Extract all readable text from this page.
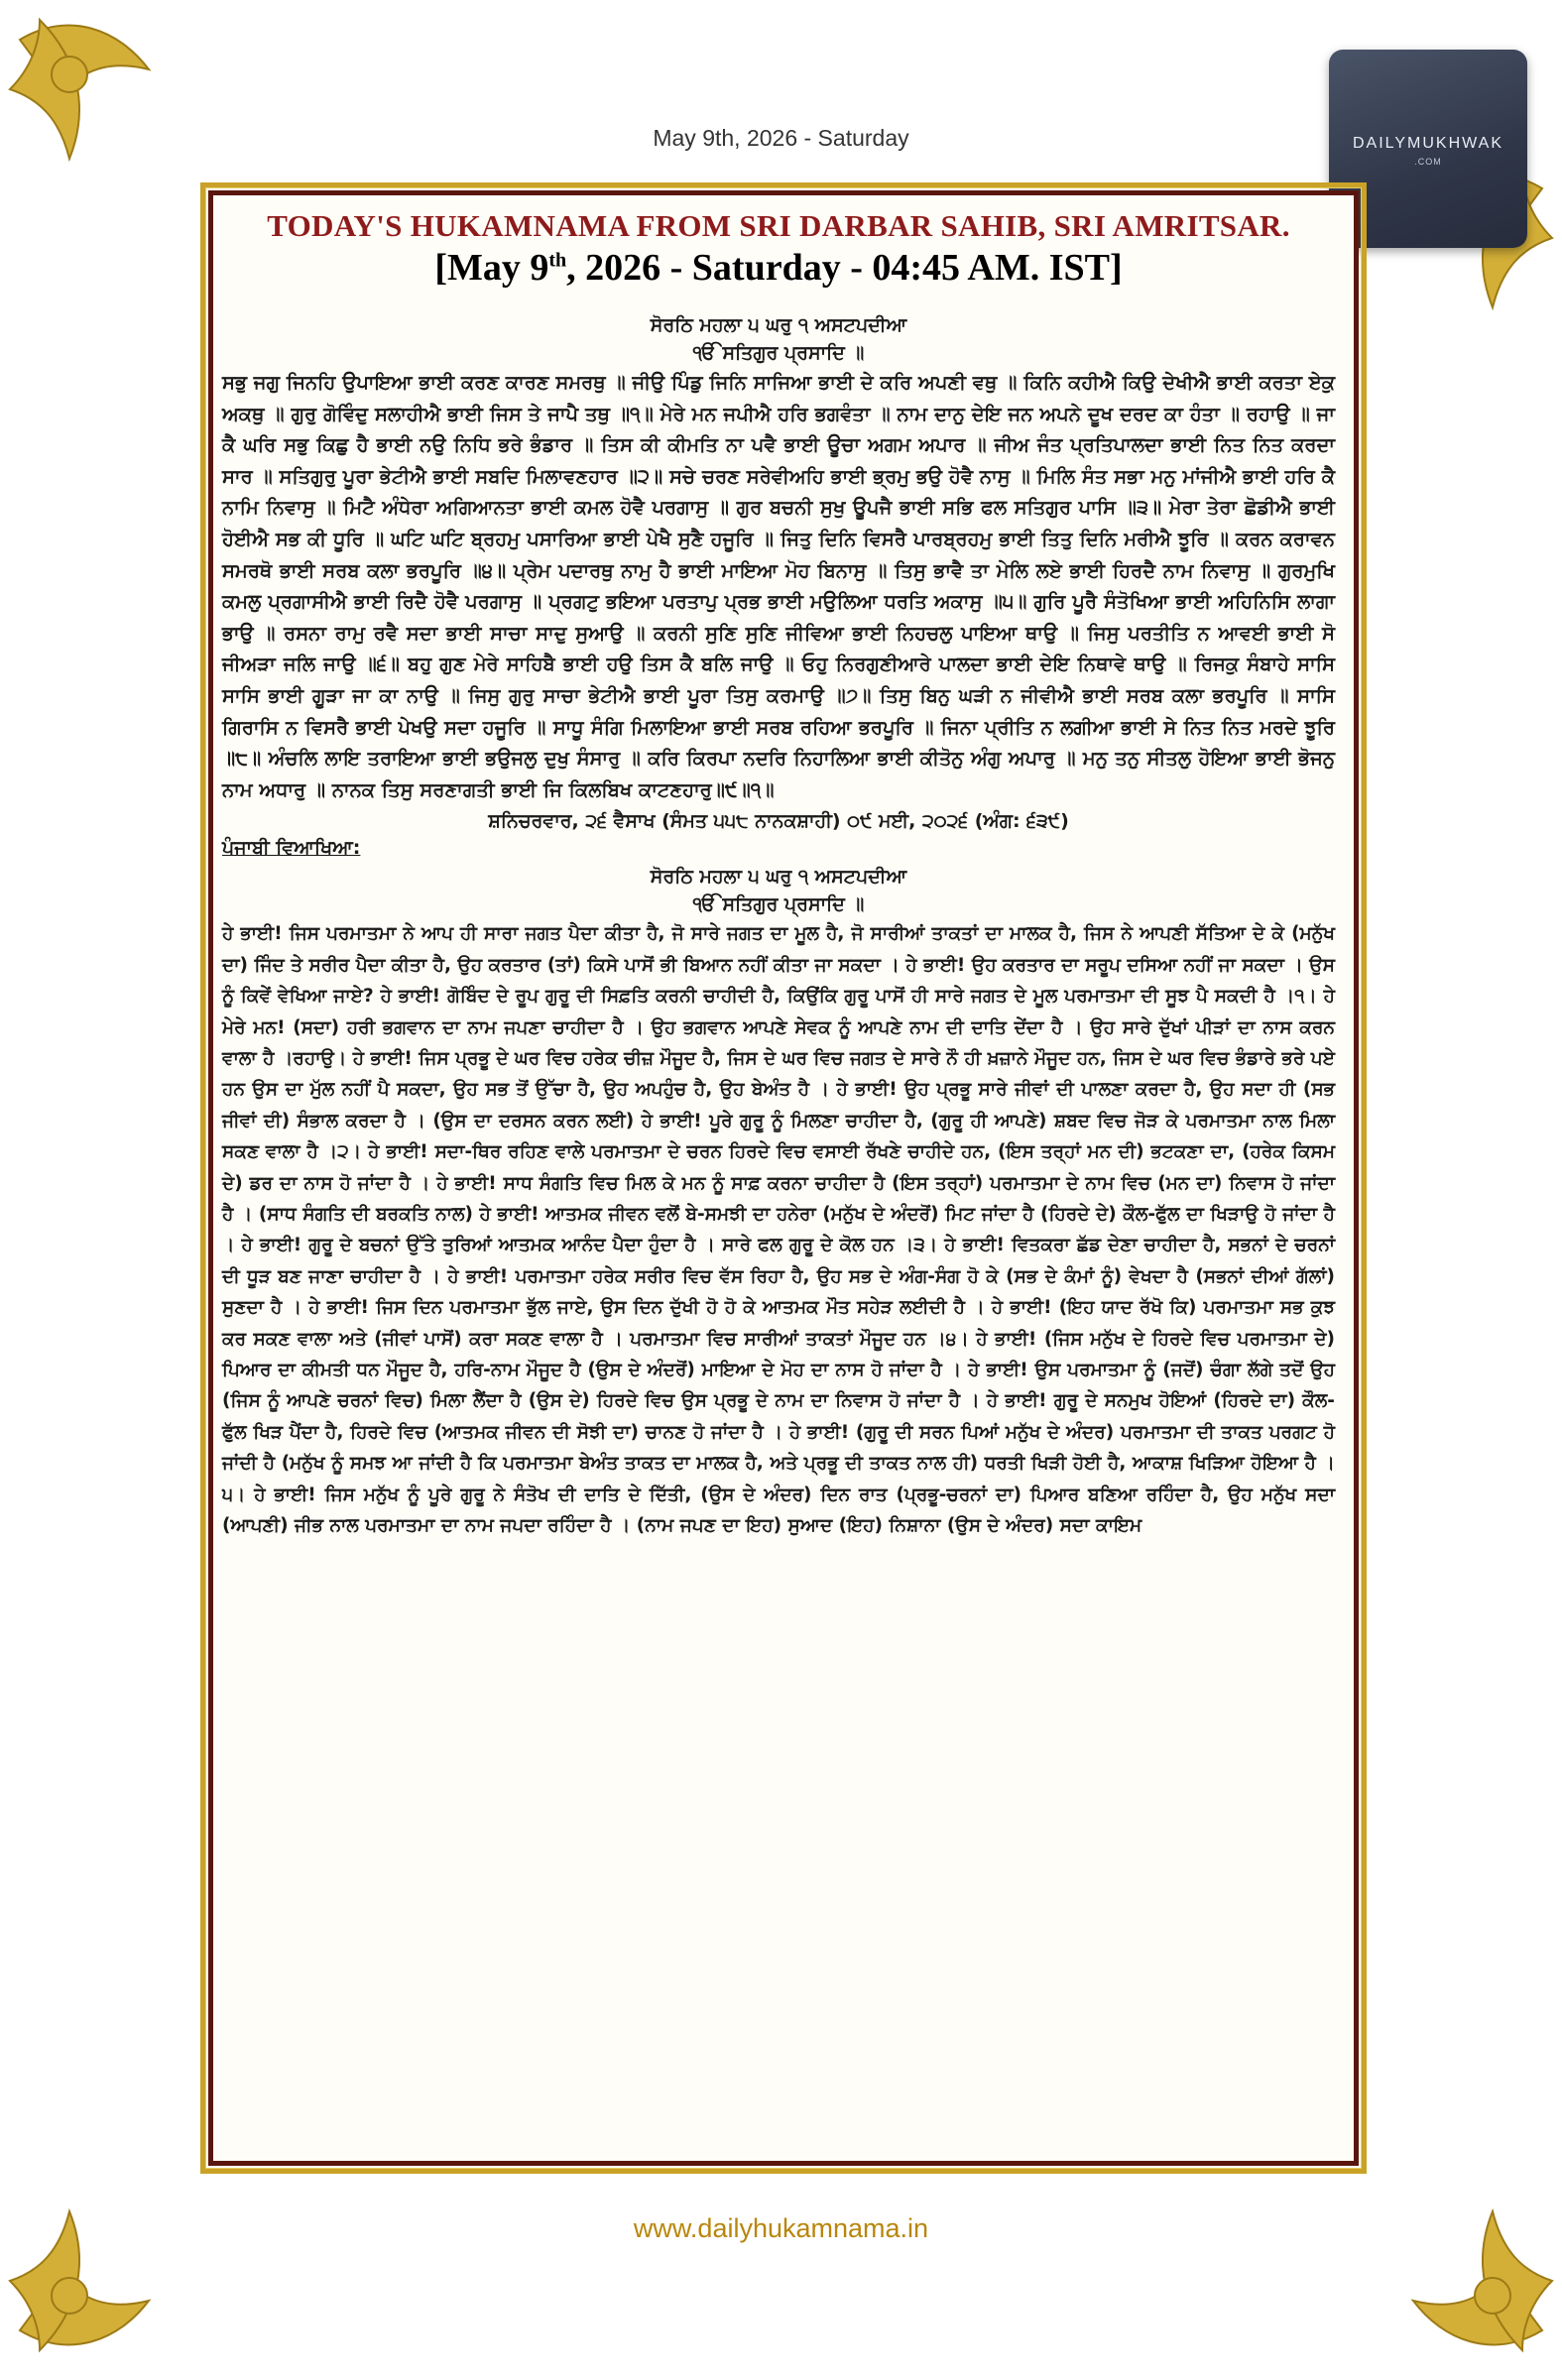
May 9th, 2026 - Saturday	DAILYMUKHWAK
.COM
TODAY'S HUKAMNAMA FROM SRI DARBAR SAHIB, SRI AMRITSAR.
[May 9th, 2026 - Saturday - 04:45 AM. IST]
ਸੋਰਠਿ ਮਹਲਾ ੫ ਘਰੁ ੧ ਅਸਟਪਦੀਆ
ੴ ਸਤਿਗੁਰ ਪ੍ਰਸਾਦਿ ॥

ਸਭੁ ਜਗੁ ਜਿਨਹਿ ਉਪਾਇਆ ਭਾਈ ਕਰਣ ਕਾਰਣ ਸਮਰਥੁ ॥ ਜੀਉ ਪਿੰਡੁ ਜਿਨਿ ਸਾਜਿਆ ਭਾਈ ਦੇ ਕਰਿ ਅਪਣੀ ਵਥੁ ॥ ਕਿਨਿ ਕਹੀਐ ਕਿਉ ਦੇਖੀਐ ਭਾਈ ਕਰਤਾ ਏਕੁ ਅਕਥੁ ॥ ਗੁਰੁ ਗੋਵਿੰਦੁ ਸਲਾਹੀਐ ਭਾਈ ਜਿਸ ਤੇ ਜਾਪੈ ਤਥੁ ॥੧॥ ਮੇਰੇ ਮਨ ਜਪੀਐ ਹਰਿ ਭਗਵੰਤਾ ॥ ਨਾਮ ਦਾਨੁ ਦੇਇ ਜਨ ਅਪਨੇ ਦੂਖ ਦਰਦ ਕਾ ਹੰਤਾ ॥ ਰਹਾਉ ॥ ਜਾ ਕੈ ਘਰਿ ਸਭੁ ਕਿਛੁ ਹੈ ਭਾਈ ਨਉ ਨਿਧਿ ਭਰੇ ਭੰਡਾਰ ॥ ਤਿਸ ਕੀ ਕੀਮਤਿ ਨਾ ਪਵੈ ਭਾਈ ਊਚਾ ਅਗਮ ਅਪਾਰ ॥ ਜੀਅ ਜੰਤ ਪ੍ਰਤਿਪਾਲਦਾ ਭਾਈ ਨਿਤ ਨਿਤ ਕਰਦਾ ਸਾਰ ॥ ਸਤਿਗੁਰੁ ਪੂਰਾ ਭੇਟੀਐ ਭਾਈ ਸਬਦਿ ਮਿਲਾਵਣਹਾਰ ॥੨॥ ਸਚੇ ਚਰਣ ਸਰੇਵੀਅਹਿ ਭਾਈ ਭ੍ਰਮੁ ਭਉ ਹੋਵੈ ਨਾਸੁ ॥ ਮਿਲਿ ਸੰਤ ਸਭਾ ਮਨੁ ਮਾਂਜੀਐ ਭਾਈ ਹਰਿ ਕੈ ਨਾਮਿ ਨਿਵਾਸੁ ॥ ਮਿਟੈ ਅੰਧੇਰਾ ਅਗਿਆਨਤਾ ਭਾਈ ਕਮਲ ਹੋਵੈ ਪਰਗਾਸੁ ॥ ਗੁਰ ਬਚਨੀ ਸੁਖੁ ਊਪਜੈ ਭਾਈ ਸਭਿ ਫਲ ਸਤਿਗੁਰ ਪਾਸਿ ॥੩॥ ਮੇਰਾ ਤੇਰਾ ਛੋਡੀਐ ਭਾਈ ਹੋਈਐ ਸਭ ਕੀ ਧੂਰਿ ॥ ਘਟਿ ਘਟਿ ਬ੍ਰਹਮੁ ਪਸਾਰਿਆ ਭਾਈ ਪੇਖੈ ਸੁਣੈ ਹਜੂਰਿ ॥ ਜਿਤੁ ਦਿਨਿ ਵਿਸਰੈ ਪਾਰਬ੍ਰਹਮੁ ਭਾਈ ਤਿਤੁ ਦਿਨਿ ਮਰੀਐ ਝੂਰਿ ॥ ਕਰਨ ਕਰਾਵਨ ਸਮਰਥੋ ਭਾਈ ਸਰਬ ਕਲਾ ਭਰਪੂਰਿ ॥੪॥ ਪ੍ਰੇਮ ਪਦਾਰਥੁ ਨਾਮੁ ਹੈ ਭਾਈ ਮਾਇਆ ਮੋਹ ਬਿਨਾਸੁ ॥ ਤਿਸੁ ਭਾਵੈ ਤਾ ਮੇਲਿ ਲਏ ਭਾਈ ਹਿਰਦੈ ਨਾਮ ਨਿਵਾਸੁ ॥ ਗੁਰਮੁਖਿ ਕਮਲੁ ਪ੍ਰਗਾਸੀਐ ਭਾਈ ਰਿਦੈ ਹੋਵੈ ਪਰਗਾਸੁ ॥ ਪ੍ਰਗਟੁ ਭਇਆ ਪਰਤਾਪੁ ਪ੍ਰਭ ਭਾਈ ਮਉਲਿਆ ਧਰਤਿ ਅਕਾਸੁ ॥੫॥ ਗੁਰਿ ਪੂਰੈ ਸੰਤੋਖਿਆ ਭਾਈ ਅਹਿਨਿਸਿ ਲਾਗਾ ਭਾਉ ॥ ਰਸਨਾ ਰਾਮੁ ਰਵੈ ਸਦਾ ਭਾਈ ਸਾਚਾ ਸਾਦੁ ਸੁਆਉ ॥ ਕਰਨੀ ਸੁਣਿ ਸੁਣਿ ਜੀਵਿਆ ਭਾਈ ਨਿਹਚਲੁ ਪਾਇਆ ਥਾਉ ॥ ਜਿਸੁ ਪਰਤੀਤਿ ਨ ਆਵਈ ਭਾਈ ਸੋ ਜੀਅੜਾ ਜਲਿ ਜਾਉ ॥੬॥ ਬਹੁ ਗੁਣ ਮੇਰੇ ਸਾਹਿਬੈ ਭਾਈ ਹਉ ਤਿਸ ਕੈ ਬਲਿ ਜਾਉ ॥ ਓਹੁ ਨਿਰਗੁਣੀਆਰੇ ਪਾਲਦਾ ਭਾਈ ਦੇਇ ਨਿਥਾਵੇ ਥਾਉ ॥ ਰਿਜਕੁ ਸੰਬਾਹੇ ਸਾਸਿ ਸਾਸਿ ਭਾਈ ਗੂੜਾ ਜਾ ਕਾ ਨਾਉ ॥ ਜਿਸੁ ਗੁਰੁ ਸਾਚਾ ਭੇਟੀਐ ਭਾਈ ਪੂਰਾ ਤਿਸੁ ਕਰਮਾਉ ॥੭॥ ਤਿਸੁ ਬਿਨੁ ਘੜੀ ਨ ਜੀਵੀਐ ਭਾਈ ਸਰਬ ਕਲਾ ਭਰਪੂਰਿ ॥ ਸਾਸਿ ਗਿਰਾਸਿ ਨ ਵਿਸਰੈ ਭਾਈ ਪੇਖਉ ਸਦਾ ਹਜੂਰਿ ॥ ਸਾਧੂ ਸੰਗਿ ਮਿਲਾਇਆ ਭਾਈ ਸਰਬ ਰਹਿਆ ਭਰਪੂਰਿ ॥ ਜਿਨਾ ਪ੍ਰੀਤਿ ਨ ਲਗੀਆ ਭਾਈ ਸੇ ਨਿਤ ਨਿਤ ਮਰਦੇ ਝੂਰਿ ॥੮॥ ਅੰਚਲਿ ਲਾਇ ਤਰਾਇਆ ਭਾਈ ਭਉਜਲੁ ਦੁਖੁ ਸੰਸਾਰੁ ॥ ਕਰਿ ਕਿਰਪਾ ਨਦਰਿ ਨਿਹਾਲਿਆ ਭਾਈ ਕੀਤੋਨੁ ਅੰਗੁ ਅਪਾਰੁ ॥ ਮਨੁ ਤਨੁ ਸੀਤਲੁ ਹੋਇਆ ਭਾਈ ਭੋਜਨੁ ਨਾਮ ਅਧਾਰੁ ॥ ਨਾਨਕ ਤਿਸੁ ਸਰਣਾਗਤੀ ਭਾਈ ਜਿ ਕਿਲਬਿਖ ਕਾਟਣਹਾਰੁ॥੯॥੧॥

ਸ਼ਨਿਚਰਵਾਰ, ੨੬ ਵੈਸਾਖ (ਸੰਮਤ ੫੫੮ ਨਾਨਕਸ਼ਾਹੀ) ੦੯ ਮਈ, ੨੦੨੬ (ਅੰਗ: ੬੩੯)
ਪੰਜਾਬੀ ਵਿਆਖਿਆ:
ਸੋਰਠਿ ਮਹਲਾ ੫ ਘਰੁ ੧ ਅਸਟਪਦੀਆ
ੴ ਸਤਿਗੁਰ ਪ੍ਰਸਾਦਿ ॥

ਹੇ ਭਾਈ! ਜਿਸ ਪਰਮਾਤਮਾ ਨੇ ਆਪ ਹੀ ਸਾਰਾ ਜਗਤ ਪੈਦਾ ਕੀਤਾ ਹੈ, ਜੋ ਸਾਰੇ ਜਗਤ ਦਾ ਮੂਲ ਹੈ, ਜੋ ਸਾਰੀਆਂ ਤਾਕਤਾਂ ਦਾ ਮਾਲਕ ਹੈ, ਜਿਸ ਨੇ ਆਪਣੀ ਸੱਤਿਆ ਦੇ ਕੇ (ਮਨੁੱਖ ਦਾ) ਜਿੰਦ ਤੇ ਸਰੀਰ ਪੈਦਾ ਕੀਤਾ ਹੈ, ਉਹ ਕਰਤਾਰ (ਤਾਂ) ਕਿਸੇ ਪਾਸੋਂ ਭੀ ਬਿਆਨ ਨਹੀਂ ਕੀਤਾ ਜਾ ਸਕਦਾ । ਹੇ ਭਾਈ! ਉਹ ਕਰਤਾਰ ਦਾ ਸਰੂਪ ਦਸਿਆ ਨਹੀਂ ਜਾ ਸਕਦਾ । ਉਸ ਨੂੰ ਕਿਵੇਂ ਵੇਖਿਆ ਜਾਏ? ਹੇ ਭਾਈ! ਗੋਬਿੰਦ ਦੇ ਰੂਪ ਗੁਰੂ ਦੀ ਸਿਫ਼ਤਿ ਕਰਨੀ ਚਾਹੀਦੀ ਹੈ, ਕਿਉਂਕਿ ਗੁਰੂ ਪਾਸੋਂ ਹੀ ਸਾਰੇ ਜਗਤ ਦੇ ਮੂਲ ਪਰਮਾਤਮਾ ਦੀ ਸੂਝ ਪੈ ਸਕਦੀ ਹੈ ।੧। ਹੇ ਮੇਰੇ ਮਨ! (ਸਦਾ) ਹਰੀ ਭਗਵਾਨ ਦਾ ਨਾਮ ਜਪਣਾ ਚਾਹੀਦਾ ਹੈ । ਉਹ ਭਗਵਾਨ ਆਪਣੇ ਸੇਵਕ ਨੂੰ ਆਪਣੇ ਨਾਮ ਦੀ ਦਾਤਿ ਦੇਂਦਾ ਹੈ । ਉਹ ਸਾਰੇ ਦੁੱਖਾਂ ਪੀੜਾਂ ਦਾ ਨਾਸ ਕਰਨ ਵਾਲਾ ਹੈ ।ਰਹਾਉ। ਹੇ ਭਾਈ! ਜਿਸ ਪ੍ਰਭੂ ਦੇ ਘਰ ਵਿਚ ਹਰੇਕ ਚੀਜ਼ ਮੌਜੂਦ ਹੈ, ਜਿਸ ਦੇ ਘਰ ਵਿਚ ਜਗਤ ਦੇ ਸਾਰੇ ਨੌ ਹੀ ਖ਼ਜ਼ਾਨੇ ਮੌਜੂਦ ਹਨ, ਜਿਸ ਦੇ ਘਰ ਵਿਚ ਭੰਡਾਰੇ ਭਰੇ ਪਏ ਹਨ ਉਸ ਦਾ ਮੁੱਲ ਨਹੀਂ ਪੈ ਸਕਦਾ, ਉਹ ਸਭ ਤੋਂ ਉੱਚਾ ਹੈ, ਉਹ ਅਪਹੁੰਚ ਹੈ, ਉਹ ਬੇਅੰਤ ਹੈ । ਹੇ ਭਾਈ! ਉਹ ਪ੍ਰਭੂ ਸਾਰੇ ਜੀਵਾਂ ਦੀ ਪਾਲਣਾ ਕਰਦਾ ਹੈ, ਉਹ ਸਦਾ ਹੀ (ਸਭ ਜੀਵਾਂ ਦੀ) ਸੰਭਾਲ ਕਰਦਾ ਹੈ । (ਉਸ ਦਾ ਦਰਸਨ ਕਰਨ ਲਈ) ਹੇ ਭਾਈ! ਪੂਰੇ ਗੁਰੂ ਨੂੰ ਮਿਲਣਾ ਚਾਹੀਦਾ ਹੈ, (ਗੁਰੂ ਹੀ ਆਪਣੇ) ਸ਼ਬਦ ਵਿਚ ਜੋੜ ਕੇ ਪਰਮਾਤਮਾ ਨਾਲ ਮਿਲਾ ਸਕਣ ਵਾਲਾ ਹੈ ।੨। ਹੇ ਭਾਈ! ਸਦਾ-ਥਿਰ ਰਹਿਣ ਵਾਲੇ ਪਰਮਾਤਮਾ ਦੇ ਚਰਨ ਹਿਰਦੇ ਵਿਚ ਵਸਾਈ ਰੱਖਣੇ ਚਾਹੀਦੇ ਹਨ, (ਇਸ ਤਰ੍ਹਾਂ ਮਨ ਦੀ) ਭਟਕਣਾ ਦਾ, (ਹਰੇਕ ਕਿਸਮ ਦੇ) ਡਰ ਦਾ ਨਾਸ ਹੋ ਜਾਂਦਾ ਹੈ । ਹੇ ਭਾਈ! ਸਾਧ ਸੰਗਤਿ ਵਿਚ ਮਿਲ ਕੇ ਮਨ ਨੂੰ ਸਾਫ਼ ਕਰਨਾ ਚਾਹੀਦਾ ਹੈ (ਇਸ ਤਰ੍ਹਾਂ) ਪਰਮਾਤਮਾ ਦੇ ਨਾਮ ਵਿਚ (ਮਨ ਦਾ) ਨਿਵਾਸ ਹੋ ਜਾਂਦਾ ਹੈ । (ਸਾਧ ਸੰਗਤਿ ਦੀ ਬਰਕਤਿ ਨਾਲ) ਹੇ ਭਾਈ! ਆਤਮਕ ਜੀਵਨ ਵਲੋਂ ਬੇ-ਸਮਝੀ ਦਾ ਹਨੇਰਾ (ਮਨੁੱਖ ਦੇ ਅੰਦਰੋਂ) ਮਿਟ ਜਾਂਦਾ ਹੈ (ਹਿਰਦੇ ਦੇ) ਕੌਲ-ਫੁੱਲ ਦਾ ਖਿੜਾਉ ਹੋ ਜਾਂਦਾ ਹੈ । ਹੇ ਭਾਈ! ਗੁਰੂ ਦੇ ਬਚਨਾਂ ਉੱਤੇ ਤੁਰਿਆਂ ਆਤਮਕ ਆਨੰਦ ਪੈਦਾ ਹੁੰਦਾ ਹੈ । ਸਾਰੇ ਫਲ ਗੁਰੂ ਦੇ ਕੋਲ ਹਨ ।੩। ਹੇ ਭਾਈ! ਵਿਤਕਰਾ ਛੱਡ ਦੇਣਾ ਚਾਹੀਦਾ ਹੈ, ਸਭਨਾਂ ਦੇ ਚਰਨਾਂ ਦੀ ਧੂੜ ਬਣ ਜਾਣਾ ਚਾਹੀਦਾ ਹੈ । ਹੇ ਭਾਈ! ਪਰਮਾਤਮਾ ਹਰੇਕ ਸਰੀਰ ਵਿਚ ਵੱਸ ਰਿਹਾ ਹੈ, ਉਹ ਸਭ ਦੇ ਅੰਗ-ਸੰਗ ਹੋ ਕੇ (ਸਭ ਦੇ ਕੰਮਾਂ ਨੂੰ) ਵੇਖਦਾ ਹੈ (ਸਭਨਾਂ ਦੀਆਂ ਗੱਲਾਂ) ਸੁਣਦਾ ਹੈ । ਹੇ ਭਾਈ! ਜਿਸ ਦਿਨ ਪਰਮਾਤਮਾ ਭੁੱਲ ਜਾਏ, ਉਸ ਦਿਨ ਦੁੱਖੀ ਹੋ ਹੋ ਕੇ ਆਤਮਕ ਮੌਤ ਸਹੇੜ ਲਈਦੀ ਹੈ । ਹੇ ਭਾਈ! (ਇਹ ਯਾਦ ਰੱਖੋ ਕਿ) ਪਰਮਾਤਮਾ ਸਭ ਕੁਝ ਕਰ ਸਕਣ ਵਾਲਾ ਅਤੇ (ਜੀਵਾਂ ਪਾਸੋਂ) ਕਰਾ ਸਕਣ ਵਾਲਾ ਹੈ । ਪਰਮਾਤਮਾ ਵਿਚ ਸਾਰੀਆਂ ਤਾਕਤਾਂ ਮੌਜੂਦ ਹਨ ।੪। ਹੇ ਭਾਈ! (ਜਿਸ ਮਨੁੱਖ ਦੇ ਹਿਰਦੇ ਵਿਚ ਪਰਮਾਤਮਾ ਦੇ) ਪਿਆਰ ਦਾ ਕੀਮਤੀ ਧਨ ਮੌਜੂਦ ਹੈ, ਹਰਿ-ਨਾਮ ਮੌਜੂਦ ਹੈ (ਉਸ ਦੇ ਅੰਦਰੋਂ) ਮਾਇਆ ਦੇ ਮੋਹ ਦਾ ਨਾਸ ਹੋ ਜਾਂਦਾ ਹੈ । ਹੇ ਭਾਈ! ਉਸ ਪਰਮਾਤਮਾ ਨੂੰ (ਜਦੋਂ) ਚੰਗਾ ਲੱਗੇ ਤਦੋਂ ਉਹ (ਜਿਸ ਨੂੰ ਆਪਣੇ ਚਰਨਾਂ ਵਿਚ) ਮਿਲਾ ਲੈਂਦਾ ਹੈ (ਉਸ ਦੇ) ਹਿਰਦੇ ਵਿਚ ਉਸ ਪ੍ਰਭੂ ਦੇ ਨਾਮ ਦਾ ਨਿਵਾਸ ਹੋ ਜਾਂਦਾ ਹੈ । ਹੇ ਭਾਈ! ਗੁਰੂ ਦੇ ਸਨਮੁਖ ਹੋਇਆਂ (ਹਿਰਦੇ ਦਾ) ਕੌਲ-ਫੁੱਲ ਖਿੜ ਪੈਂਦਾ ਹੈ, ਹਿਰਦੇ ਵਿਚ (ਆਤਮਕ ਜੀਵਨ ਦੀ ਸੋਝੀ ਦਾ) ਚਾਨਣ ਹੋ ਜਾਂਦਾ ਹੈ । ਹੇ ਭਾਈ! (ਗੁਰੂ ਦੀ ਸਰਨ ਪਿਆਂ ਮਨੁੱਖ ਦੇ ਅੰਦਰ) ਪਰਮਾਤਮਾ ਦੀ ਤਾਕਤ ਪਰਗਟ ਹੋ ਜਾਂਦੀ ਹੈ (ਮਨੁੱਖ ਨੂੰ ਸਮਝ ਆ ਜਾਂਦੀ ਹੈ ਕਿ ਪਰਮਾਤਮਾ ਬੇਅੰਤ ਤਾਕਤ ਦਾ ਮਾਲਕ ਹੈ, ਅਤੇ ਪ੍ਰਭੂ ਦੀ ਤਾਕਤ ਨਾਲ ਹੀ) ਧਰਤੀ ਖਿੜੀ ਹੋਈ ਹੈ, ਆਕਾਸ਼ ਖਿੜਿਆ ਹੋਇਆ ਹੈ ।੫। ਹੇ ਭਾਈ! ਜਿਸ ਮਨੁੱਖ ਨੂੰ ਪੂਰੇ ਗੁਰੂ ਨੇ ਸੰਤੋਖ ਦੀ ਦਾਤਿ ਦੇ ਦਿੱਤੀ, (ਉਸ ਦੇ ਅੰਦਰ) ਦਿਨ ਰਾਤ (ਪ੍ਰਭੂ-ਚਰਨਾਂ ਦਾ) ਪਿਆਰ ਬਣਿਆ ਰਹਿੰਦਾ ਹੈ, ਉਹ ਮਨੁੱਖ ਸਦਾ (ਆਪਣੀ) ਜੀਭ ਨਾਲ ਪਰਮਾਤਮਾ ਦਾ ਨਾਮ ਜਪਦਾ ਰਹਿੰਦਾ ਹੈ । (ਨਾਮ ਜਪਣ ਦਾ ਇਹ) ਸੁਆਦ (ਇਹ) ਨਿਸ਼ਾਨਾ (ਉਸ ਦੇ ਅੰਦਰ) ਸਦਾ ਕਾਇਮ

www.dailyhukamnama.in
